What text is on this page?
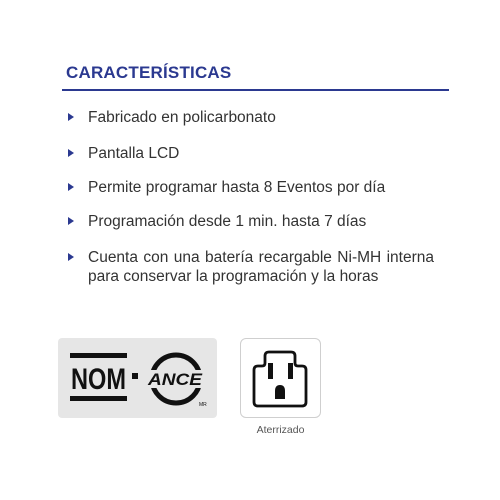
CARACTERÍSTICAS
Fabricado en policarbonato
Pantalla LCD
Permite programar hasta 8 Eventos por día
Programación desde 1 min. hasta 7 días
Cuenta con una batería recargable Ni-MH interna para conservar la programación y la horas
NOM ANCE
MR
Aterrizado
